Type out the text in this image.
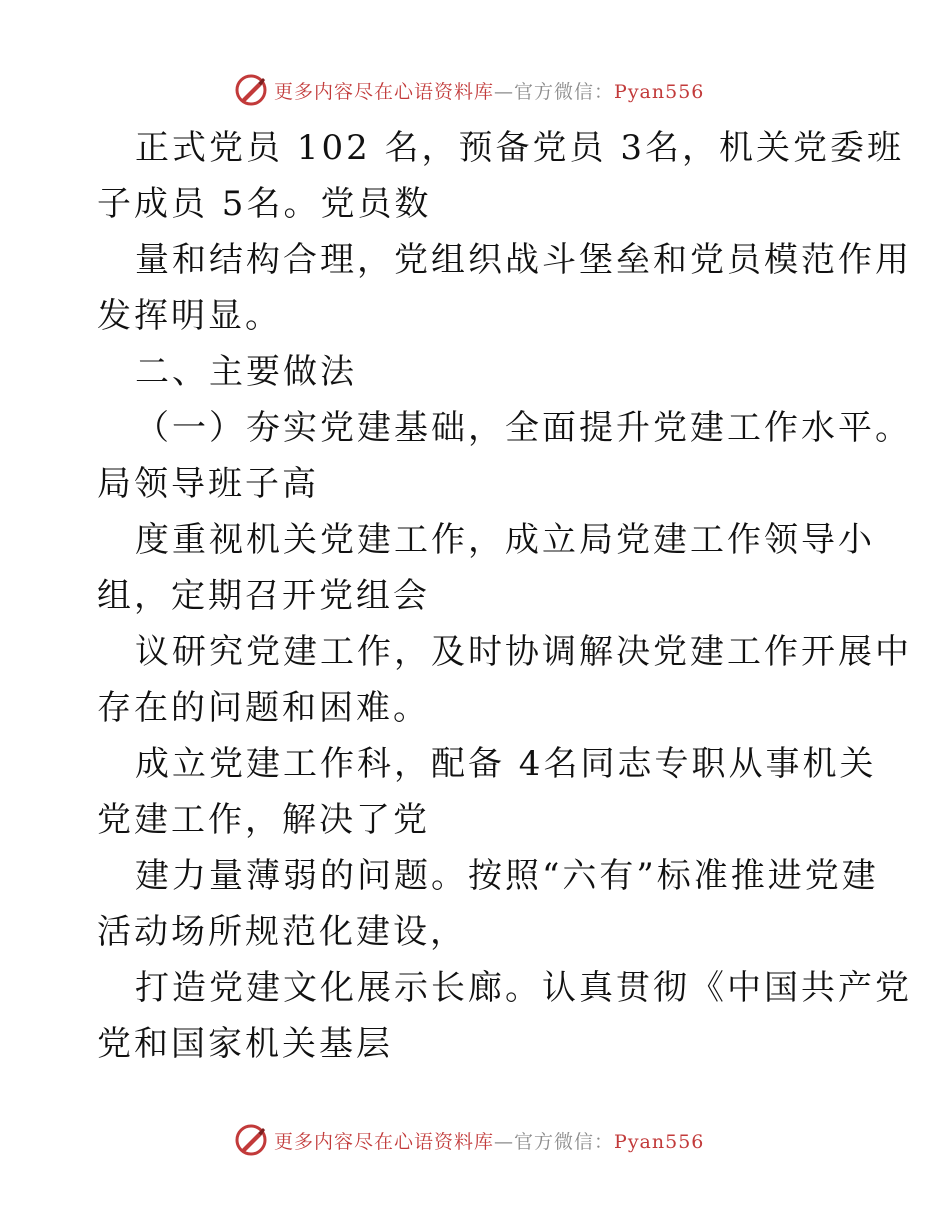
更多内容尽在心语资料库—官方微信：Pyan556
正式党员 102 名，预备党员 3名，机关党委班
子成员 5名。党员数
量和结构合理，党组织战斗堡垒和党员模范作用
发挥明显。
二、主要做法
（一）夯实党建基础，全面提升党建工作水平。
局领导班子高
度重视机关党建工作，成立局党建工作领导小
组，定期召开党组会
议研究党建工作，及时协调解决党建工作开展中
存在的问题和困难。
成立党建工作科，配备 4名同志专职从事机关
党建工作，解决了党
建力量薄弱的问题。按照“六有”标准推进党建
活动场所规范化建设，
打造党建文化展示长廊。认真贯彻《中国共产党
党和国家机关基层
更多内容尽在心语资料库—官方微信：Pyan556
